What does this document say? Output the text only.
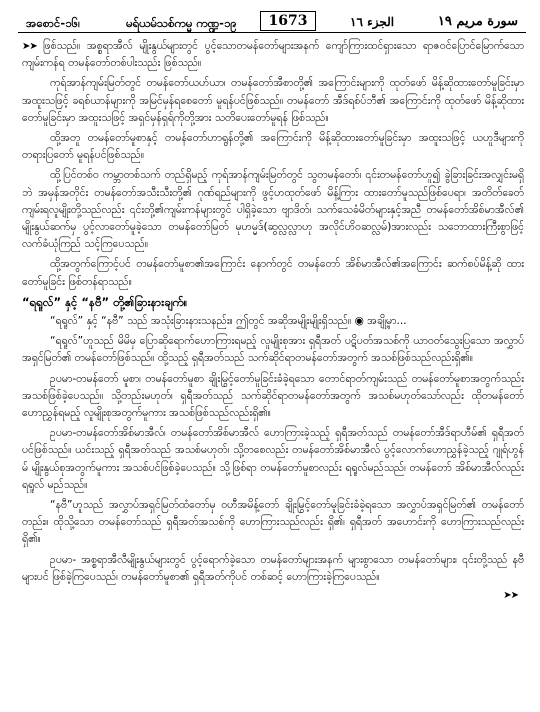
အစောင်-၁၆၊	မရ်ယမ်သစ်ကမ္မ ကဏ္ဍ-၁၉	1673	الجزء ١٦	سورة مريم ١٩

➤➤ ဖြစ်သည်။ အစ္စရာအီလ် မျိုးနွယ်များတွင် ပွင့်သောတမန်တော်များအနက် ကျော်ကြားထင်ရှားသော ရာဇဝင်ပြောင်မြောက်သော ကျမ်းကန်ရ တမန်တော်တစ်ပါးသည်း ဖြစ်သည်။

ကုရ်အာန်ကျမ်းမြတ်တွင် တမန်တော်ယဟ်ယာ၊ တမန်တော်အီစာတို့၏ အကြောင်းများကို ထုတ်ဖော် မိန့်ဆိုထားတော်မူခြင်းမှာ အထူးသဖြင့် ခရစ်ယာန်များကို အမြင်မှန်ရစေတော် မူရန်ပင်ဖြစ်သည်။ တမန်တော် အီဒ်ရစ်ပ်ဘီ၏ အကြောင်းကို ထုတ်ဖော် မိန့်ဆိုထားတော်မူခြင်းမှာ အထူးသဖြင့် အရှင်မှန်ရှရ်ကိုတို့အား သတိပေးတော်မူရန် ဖြစ်သည်။

ထို့အတူ တမန်တော်မူစာနှင့် တမန်တော်ဟာရွန်တို့၏ အကြောင်းကို မိန့်ဆိုထားတော်မူခြင်းမှာ အထူးသဖြင့် ယဟူဒီများကို တရားပြတော် မူရန်ပင်ဖြစ်သည်။

ထို့ပြင်တစ်ဝ ကမ္ဘာတစ်သက် တည်ရှိမည့် ကုရ်အာန်ကျမ်းမြတ်တွင် သွတမန်တော်၊ ၎င်းတမန်တော်ဟူ၍ ခွဲခြားခြင်းအလျှင်းမရှိဘဲ အမှန်အတိုင်း တမန်တော်အသီးသီးတို့၏ ဂုဏ်ရည်များကို ဖွင့်ဟထုတ်ဖော် မိန့်ကြား ထားတော်မူသည်ဖြစ်ပေရာ၊ အတိတ်ခေတ် ကျမ်းရလူမျိုးတို့သည်လည်း ၎င်းတို့၏ကျမ်းကန်များတွင် ပါရှိခဲ့သော ဗျာဒိတ်၊ သက်သေခံမိတ်များနှင့်အညီ တမန်တော်အိစ်မာအီလ်၏ မျိုးနွယ်ဆက်မှ ပွင့်လာတော်မူခဲ့သော တမန်တော်မြတ် မုဟမ္မဒ်(ဆွလ္လလ္လာဟု အလိုင်ဟိဝဆလ္လမ်)အားလည်း သဘောထားကြီးစွာဖြင့် လက်ခံယုံကြည် သင့်ကြပေသည်။

ထို့အတွက်ကြောင့်ပင် တမန်တော်မူစာ၏အကြောင်း နောက်တွင် တမန်တော် အိစ်မာအီလ်၏အကြောင်း ဆက်စပ်မိန့်ဆို ထားတော်မူခြင်း ဖြစ်တန်ရာသည်။

“ရရူလ်” နှင့် “နဗီ” တို့၏ခြားနားချက်။

“ရရူလ်” နှင့် “နဗီ” သည် အသုံးခြားနားသနည်း။ ဤတွင် အဆိုအမျိုးမျိုးရှိသည်။ ◉ အချို့မှာ...

“ရရူလ်”ဟူသည် မိမိမှ ပြောဆိုရောက်ဟောကြားရမည့် လူမျိုးစုအား ရှရီအတ် ပဋိပတ်အသစ်ကို ယာဝတ်သွေးပြသော အလွှာပ်အရှင်မြတ်၏ တမန်တော်ဖြစ်သည်။ ထို့သည့် ရှရီအတ်သည် သက်ဆိုင်ရာတမန်တော်အတွက် အသစ်ဖြစ်သည်လည်းရှိ၏။

ဥပမာ-တမန်တော် မူစာ၊ တမန်တော်မူစာ ချိုးမြွင့်တော်မူခြင်းခံခဲ့ရသော တောင်ရာတ်ကျမ်းသည် တမန်တော်မူစာအတွက်သည်း အသစ်ဖြစ်ခဲ့ပေသည်။ သို့တည်းမဟုတ်၊ ရှရီအတ်သည် သက်ဆိုင်ရာတမန်တော်အတွက် အသစ်မဟုတ်သော်လည်း ထိုတမန်တော် ဟောညွှန်ရမည့် လူမျိုးစုအတွက်မူကား အသစ်ဖြစ်သည်လည်းရှိ၏။

ဥပမာ-တမန်တော်အိစ်မာအီလ်၊ တမန်တော်အိစ်မာအီလ် ဟောကြားခဲ့သည့် ရှရီအတ်သည် တမန်တော်အီဒ်ရာဟီမ်၏ ရှရီအတ်ပင်ဖြစ်သည်။ ယင်းသည့် ရှရီအတ်သည် အသစ်မဟုတ်၊ သို့တစေလည်း တမန်တော်အိစ်မာအီလ် ပွင့်လောက်ဟောညွှန်ခဲ့သည့် ဂျုရ်ဟွန်မ် မျိုးနွယ်စုအတွက်မူကား အသစ်ပင်ဖြစ်ခဲ့ပေသည်။ သို့ဖြစ်ရာ တမန်တော်မူစာလည်း ရရူလ်မည်သည်၊ တမန်တော် အိစ်မာအီလ်လည်း ရရူလ် မည်သည်။

“နဗီ”ဟူသည် အလွှာပ်အရှင်မြတ်ထံတော်မှ ဝဟီအမိန့်တော် ချိုးမြွင့်တော်မူခြင်းခံခဲ့ရသော အလွှာပ်အရှင်မြတ်၏ တမန်တော်တည်း။ ထိုသို့သော တမန်တော်သည် ရှရီအတ်အသစ်ကို ဟောကြားသည်လည်း ရှိ၏၊ ရှရီအတ် အဟောင်းကို ဟောကြားသည်လည်းရှိ၏။

ဥပမာ- အစ္စရာအီလီမျိုးနွယ်များတွင် ပွင့်ရောက်ခဲ့သော တမန်တော်များအနက် များစွာသော တမန်တော်များ၊ ၎င်းတို့သည် နဗီများပင် ဖြစ်ခဲ့ကြပေသည်၊ တမန်တော်မူစာ၏ ရှရီအတ်ကိုပင် တစ်ဆင့် ဟောကြားခဲ့ကြပေသည်။

➤➤
